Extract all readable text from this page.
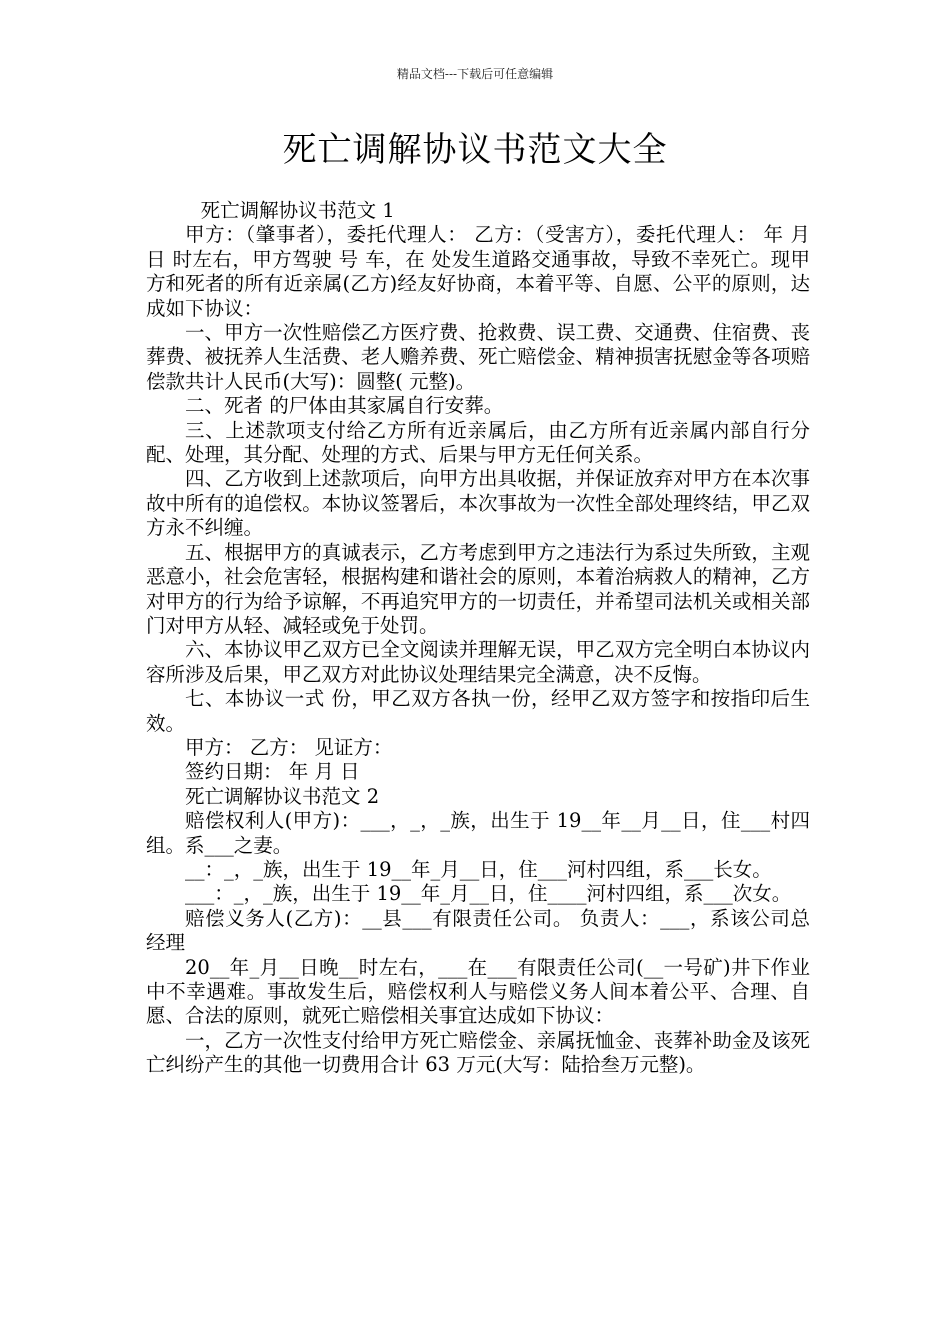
精品文档---下载后可任意编辑
死亡调解协议书范文大全

死亡调解协议书范文 1

甲方：（肇事者），委托代理人： 乙方：（受害方），委托代理人： 年 月 日 时左右，甲方驾驶 号 车，在 处发生道路交通事故，导致不幸死亡。现甲方和死者的所有近亲属(乙方)经友好协商，本着平等、自愿、公平的原则，达成如下协议：

一、甲方一次性赔偿乙方医疗费、抢救费、误工费、交通费、住宿费、丧葬费、被抚养人生活费、老人赡养费、死亡赔偿金、精神损害抚慰金等各项赔偿款共计人民币(大写)：圆整( 元整)。

二、死者 的尸体由其家属自行安葬。

三、上述款项支付给乙方所有近亲属后，由乙方所有近亲属内部自行分配、处理，其分配、处理的方式、后果与甲方无任何关系。

四、乙方收到上述款项后，向甲方出具收据，并保证放弃对甲方在本次事故中所有的追偿权。本协议签署后，本次事故为一次性全部处理终结，甲乙双方永不纠缠。

五、根据甲方的真诚表示，乙方考虑到甲方之违法行为系过失所致，主观恶意小，社会危害轻，根据构建和谐社会的原则，本着治病救人的精神，乙方对甲方的行为给予谅解，不再追究甲方的一切责任，并希望司法机关或相关部门对甲方从轻、减轻或免于处罚。

六、本协议甲乙双方已全文阅读并理解无误，甲乙双方完全明白本协议内容所涉及后果，甲乙双方对此协议处理结果完全满意，决不反悔。

七、本协议一式 份，甲乙双方各执一份，经甲乙双方签字和按指印后生效。

甲方： 乙方： 见证方：

签约日期： 年 月 日

死亡调解协议书范文 2

赔偿权利人(甲方)：___，_，_族，出生于 19__年__月__日，住___村四组。系___之妻。

__：_，_族，出生于 19__年_月__日，住___河村四组，系___长女。

___：_，_族，出生于 19__年_月__日，住____河村四组，系___次女。

赔偿义务人(乙方)：__县___有限责任公司。 负责人：___，系该公司总经理

20__年_月__日晚__时左右，___在___有限责任公司(__一号矿)井下作业中不幸遇难。事故发生后，赔偿权利人与赔偿义务人间本着公平、合理、自愿、合法的原则，就死亡赔偿相关事宜达成如下协议：

一，乙方一次性支付给甲方死亡赔偿金、亲属抚恤金、丧葬补助金及该死亡纠纷产生的其他一切费用合计 63 万元(大写：陆拾叁万元整)。
